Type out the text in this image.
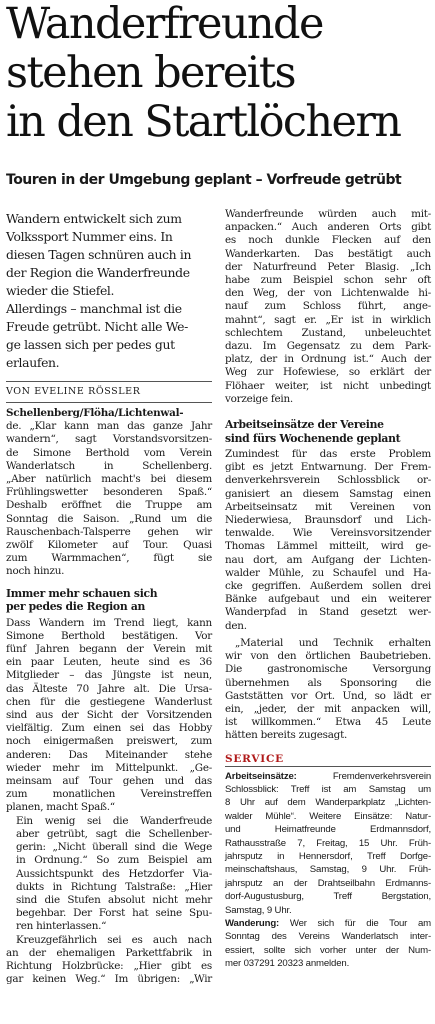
Wanderfreunde
stehen bereits
in den Startlöchern
Touren in der Umgebung geplant – Vorfreude getrübt

Wandern entwickelt sich zum
Volkssport Nummer eins. In
diesen Tagen schnüren auch in
der Region die Wanderfreunde
wieder die Stiefel.
Allerdings – manchmal ist die
Freude getrübt. Nicht alle We-
ge lassen sich per pedes gut
erlaufen.

VON EVELINE RÖSSLER

Schellenberg/Flöha/Lichtenwal-
de. „Klar kann man das ganze Jahr
wandern“, sagt Vorstandsvorsitzen-
de Simone Berthold vom Verein
Wanderlatsch in Schellenberg.
„Aber natürlich macht's bei diesem
Frühlingswetter besonderen Spaß.“
Deshalb eröffnet die Truppe am
Sonntag die Saison. „Rund um die
Rauschenbach-Talsperre gehen wir
zwölf Kilometer auf Tour. Quasi
zum Warmmachen“, fügt sie
noch hinzu.

Immer mehr schauen sich
per pedes die Region an

Dass Wandern im Trend liegt, kann
Simone Berthold bestätigen. Vor
fünf Jahren begann der Verein mit
ein paar Leuten, heute sind es 36
Mitglieder – das Jüngste ist neun,
das Älteste 70 Jahre alt. Die Ursa-
chen für die gestiegene Wanderlust
sind aus der Sicht der Vorsitzenden
vielfältig. Zum einen sei das Hobby
noch einigermaßen preiswert, zum
anderen: Das Miteinander stehe
wieder mehr im Mittelpunkt. „Ge-
meinsam auf Tour gehen und das
zum monatlichen Vereinstreffen
planen, macht Spaß.“

Ein wenig sei die Wanderfreude
aber getrübt, sagt die Schellenber-
gerin: „Nicht überall sind die Wege
in Ordnung.“ So zum Beispiel am
Aussichtspunkt des Hetzdorfer Via-
dukts in Richtung Talstraße: „Hier
sind die Stufen absolut nicht mehr
begehbar. Der Forst hat seine Spu-
ren hinterlassen.“

Kreuzgefährlich sei es auch nach
an der ehemaligen Parkettfabrik in
Richtung Holzbrücke: „Hier gibt es
gar keinen Weg.“ Im übrigen: „Wir

Wanderfreunde würden auch mit-
anpacken.“ Auch anderen Orts gibt
es noch dunkle Flecken auf den
Wanderkarten. Das bestätigt auch
der Naturfreund Peter Blasig. „Ich
habe zum Beispiel schon sehr oft
den Weg, der von Lichtenwalde hi-
nauf zum Schloss führt, ange-
mahnt“, sagt er. „Er ist in wirklich
schlechtem Zustand, unbeleuchtet
dazu. Im Gegensatz zu dem Park-
platz, der in Ordnung ist.“ Auch der
Weg zur Hofewiese, so erklärt der
Flöhaer weiter, ist nicht unbedingt
vorzeige fein.

Arbeitseinsätze der Vereine
sind fürs Wochenende geplant

Zumindest für das erste Problem
gibt es jetzt Entwarnung. Der Frem-
denverkehrsverein Schlossblick or-
ganisiert an diesem Samstag einen
Arbeitseinsatz mit Vereinen von
Niederwiesa, Braunsdorf und Lich-
tenwalde. Wie Vereinsvorsitzender
Thomas Lämmel mitteilt, wird ge-
nau dort, am Aufgang der Lichten-
walder Mühle, zu Schaufel und Ha-
cke gegriffen. Außerdem sollen drei
Bänke aufgebaut und ein weiterer
Wanderpfad in Stand gesetzt wer-
den.

„Material und Technik erhalten
wir von den örtlichen Baubetrieben.
Die gastronomische Versorgung
übernehmen als Sponsoring die
Gaststätten vor Ort. Und, so lädt er
ein, „jeder, der mit anpacken will,
ist willkommen.“ Etwa 45 Leute
hätten bereits zugesagt.

SERVICE
Arbeitseinsätze: Fremdenverkehrsverein
Schlossblick: Treff ist am Samstag um
8 Uhr auf dem Wanderparkplatz „Lichten-
walder Mühle“. Weitere Einsätze: Natur-
und Heimatfreunde Erdmannsdorf,
Rathausstraße 7, Freitag, 15 Uhr. Früh-
jahrsputz in Hennersdorf, Treff Dorfge-
meinschaftshaus, Samstag, 9 Uhr. Früh-
jahrsputz an der Drahtseilbahn Erdmanns-
dorf-Augustusburg, Treff Bergstation,
Samstag, 9 Uhr.
Wanderung: Wer sich für die Tour am
Sonntag des Vereins Wanderlatsch inter-
essiert, sollte sich vorher unter der Num-
mer 037291 20323 anmelden.
